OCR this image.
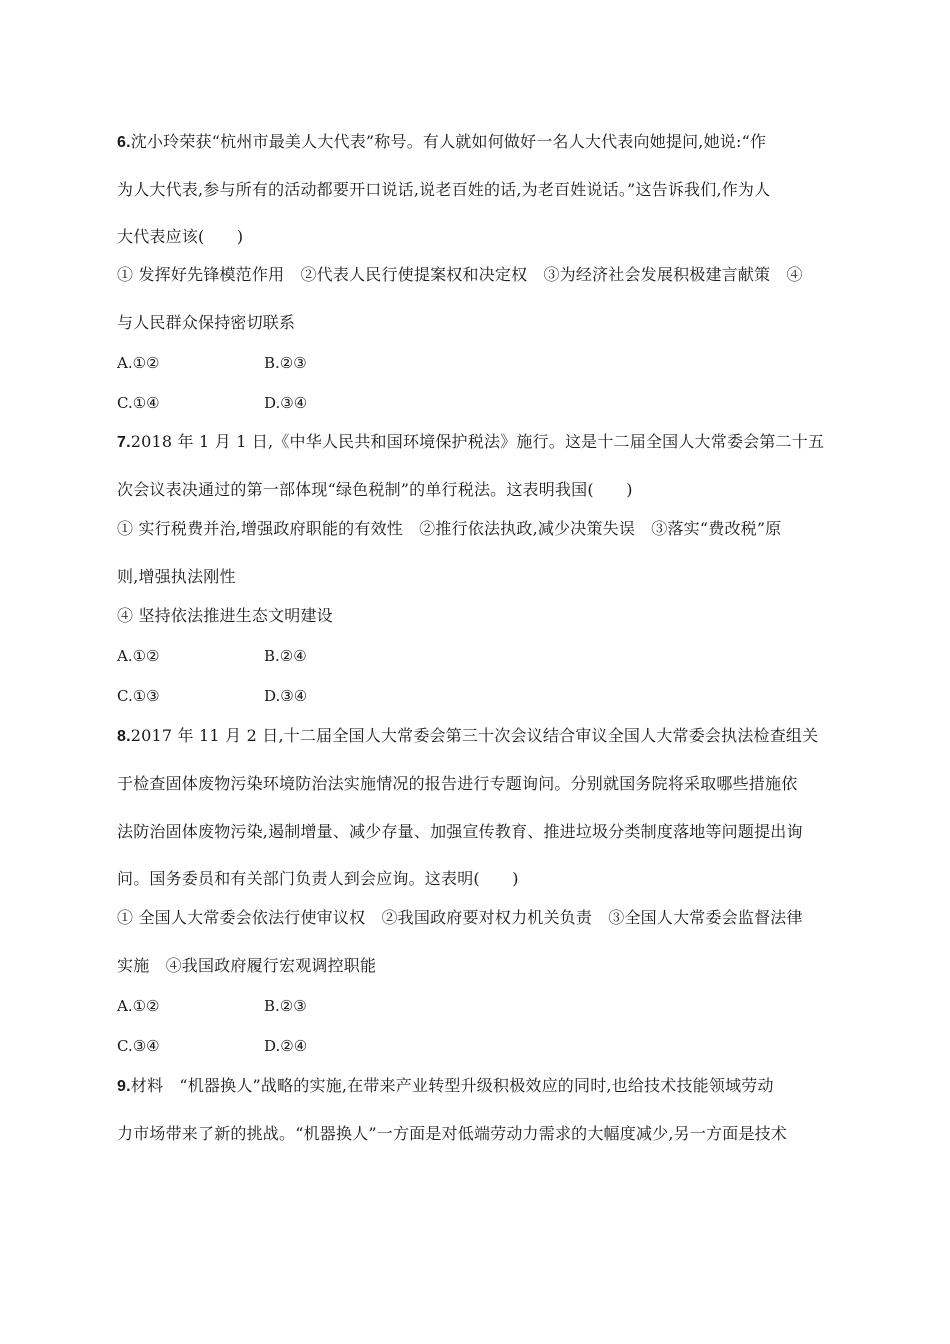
6.沈小玲荣获“杭州市最美人大代表”称号。有人就如何做好一名人大代表向她提问,她说:“作
为人大代表,参与所有的活动都要开口说话,说老百姓的话,为老百姓说话。”这告诉我们,作为人
大代表应该(　　)
① 发挥好先锋模范作用　②代表人民行使提案权和决定权　③为经济社会发展积极建言献策　④
与人民群众保持密切联系
A.①②	B.②③
C.①④	D.③④
7.2018 年 1 月 1 日,《中华人民共和国环境保护税法》施行。这是十二届全国人大常委会第二十五
次会议表决通过的第一部体现“绿色税制”的单行税法。这表明我国(　　)
① 实行税费并治,增强政府职能的有效性　②推行依法执政,减少决策失误　③落实“费改税”原
则,增强执法刚性
④ 坚持依法推进生态文明建设
A.①②	B.②④
C.①③	D.③④
8.2017 年 11 月 2 日,十二届全国人大常委会第三十次会议结合审议全国人大常委会执法检查组关
于检查固体废物污染环境防治法实施情况的报告进行专题询问。分别就国务院将采取哪些措施依
法防治固体废物污染,遏制增量、减少存量、加强宣传教育、推进垃圾分类制度落地等问题提出询
问。国务委员和有关部门负责人到会应询。这表明(　　)
① 全国人大常委会依法行使审议权　②我国政府要对权力机关负责　③全国人大常委会监督法律
实施　④我国政府履行宏观调控职能
A.①②	B.②③
C.③④	D.②④
9.材料　“机器换人”战略的实施,在带来产业转型升级积极效应的同时,也给技术技能领域劳动
力市场带来了新的挑战。“机器换人”一方面是对低端劳动力需求的大幅度减少,另一方面是技术
